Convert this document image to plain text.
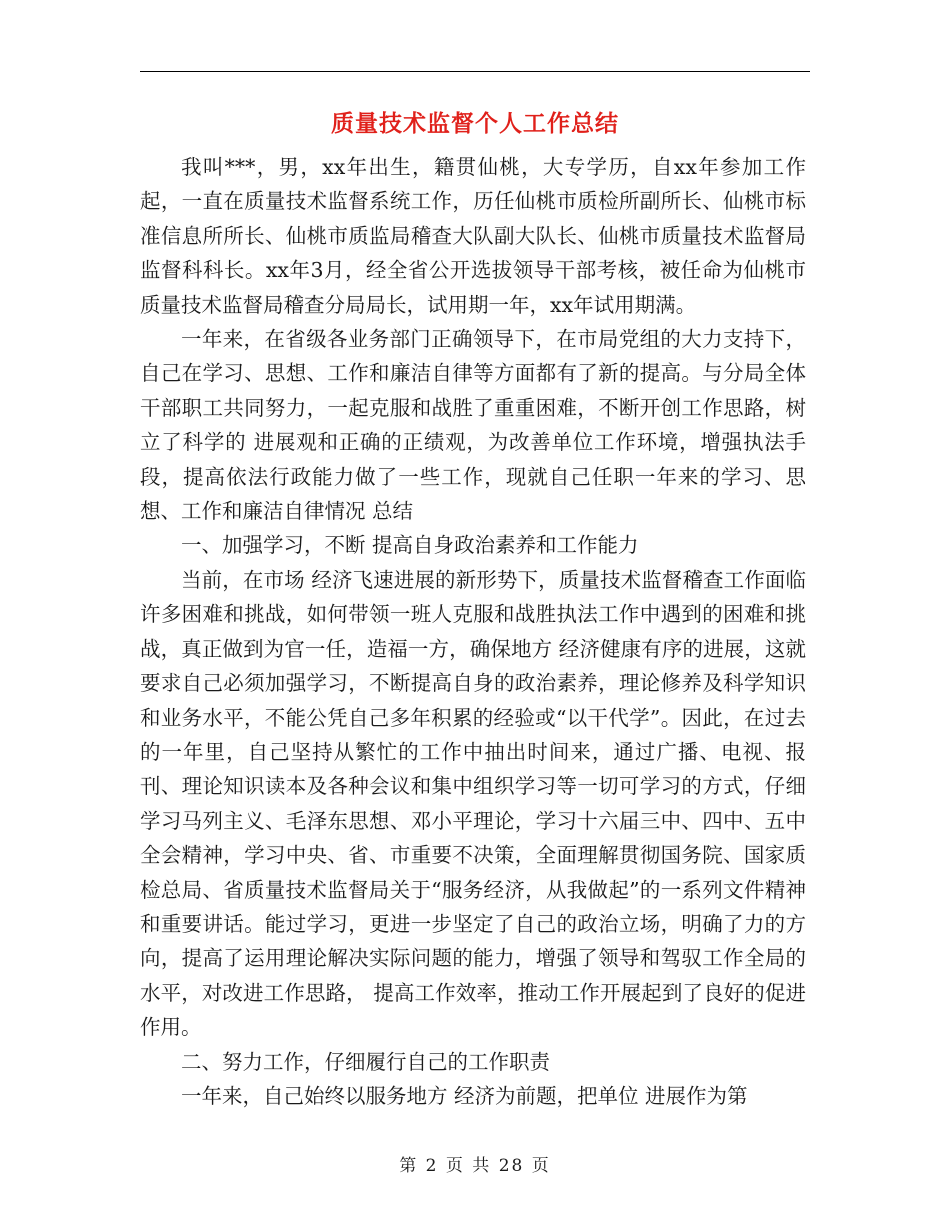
质量技术监督个人工作总结

我叫***，男，xx年出生，籍贯仙桃，大专学历，自xx年参加工作起，一直在质量技术监督系统工作，历任仙桃市质检所副所长、仙桃市标准信息所所长、仙桃市质监局稽查大队副大队长、仙桃市质量技术监督局监督科科长。xx年3月，经全省公开选拔领导干部考核，被任命为仙桃市质量技术监督局稽查分局局长，试用期一年，xx年试用期满。

一年来，在省级各业务部门正确领导下，在市局党组的大力支持下，自己在学习、思想、工作和廉洁自律等方面都有了新的提高。与分局全体干部职工共同努力，一起克服和战胜了重重困难，不断开创工作思路，树立了科学的 进展观和正确的正绩观，为改善单位工作环境，增强执法手段，提高依法行政能力做了一些工作，现就自己任职一年来的学习、思想、工作和廉洁自律情况 总结

一、加强学习，不断 提高自身政治素养和工作能力

当前，在市场 经济飞速进展的新形势下，质量技术监督稽查工作面临许多困难和挑战，如何带领一班人克服和战胜执法工作中遇到的困难和挑战，真正做到为官一任，造福一方，确保地方 经济健康有序的进展，这就要求自己必须加强学习，不断提高自身的政治素养，理论修养及科学知识和业务水平，不能公凭自己多年积累的经验或“以干代学”。因此，在过去的一年里，自己坚持从繁忙的工作中抽出时间来，通过广播、电视、报刊、理论知识读本及各种会议和集中组织学习等一切可学习的方式，仔细学习马列主义、毛泽东思想、邓小平理论，学习十六届三中、四中、五中全会精神，学习中央、省、市重要不决策，全面理解贯彻国务院、国家质检总局、省质量技术监督局关于“服务经济，从我做起”的一系列文件精神和重要讲话。能过学习，更进一步坚定了自己的政治立场，明确了力的方向，提高了运用理论解决实际问题的能力，增强了领导和驾驭工作全局的水平，对改进工作思路， 提高工作效率，推动工作开展起到了良好的促进作用。

二、努力工作，仔细履行自己的工作职责

一年来，自己始终以服务地方 经济为前题，把单位 进展作为第

第 2 页 共 28 页
